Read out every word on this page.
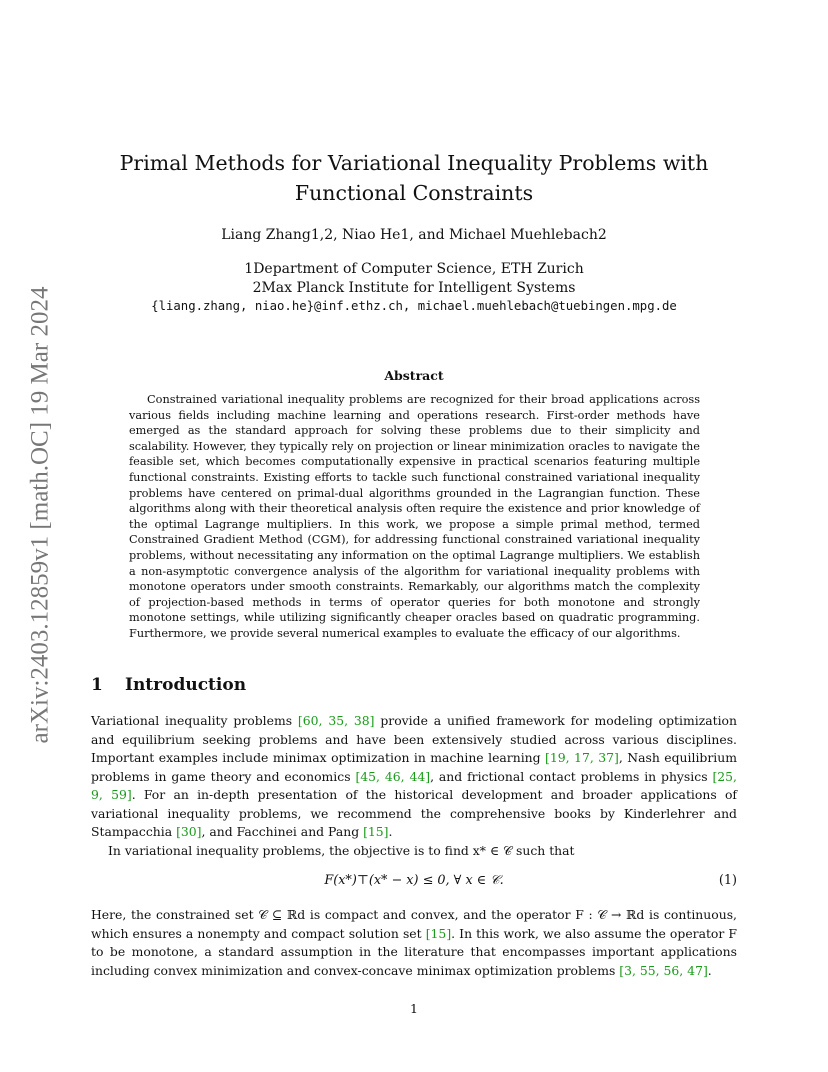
arXiv:2403.12859v1 [math.OC] 19 Mar 2024
Primal Methods for Variational Inequality Problems with Functional Constraints
Liang Zhang1,2, Niao He1, and Michael Muehlebach2
1Department of Computer Science, ETH Zurich
2Max Planck Institute for Intelligent Systems
{liang.zhang, niao.he}@inf.ethz.ch, michael.muehlebach@tuebingen.mpg.de
Abstract

Constrained variational inequality problems are recognized for their broad applications across various fields including machine learning and operations research. First-order methods have emerged as the standard approach for solving these problems due to their simplicity and scalability. However, they typically rely on projection or linear minimization oracles to navigate the feasible set, which becomes computationally expensive in practical scenarios featuring multiple functional constraints. Existing efforts to tackle such functional constrained variational inequality problems have centered on primal-dual algorithms grounded in the Lagrangian function. These algorithms along with their theoretical analysis often require the existence and prior knowledge of the optimal Lagrange multipliers. In this work, we propose a simple primal method, termed Constrained Gradient Method (CGM), for addressing functional constrained variational inequality problems, without necessitating any information on the optimal Lagrange multipliers. We establish a non-asymptotic convergence analysis of the algorithm for variational inequality problems with monotone operators under smooth constraints. Remarkably, our algorithms match the complexity of projection-based methods in terms of operator queries for both monotone and strongly monotone settings, while utilizing significantly cheaper oracles based on quadratic programming. Furthermore, we provide several numerical examples to evaluate the efficacy of our algorithms.

1 Introduction

Variational inequality problems [60, 35, 38] provide a unified framework for modeling optimization and equilibrium seeking problems and have been extensively studied across various disciplines. Important examples include minimax optimization in machine learning [19, 17, 37], Nash equilibrium problems in game theory and economics [45, 46, 44], and frictional contact problems in physics [25, 9, 59]. For an in-depth presentation of the historical development and broader applications of variational inequality problems, we recommend the comprehensive books by Kinderlehrer and Stampacchia [30], and Facchinei and Pang [15].

In variational inequality problems, the objective is to find x* ∈ 𝒞 such that

F(x*)⊤(x* − x) ≤ 0, ∀ x ∈ 𝒞.	(1)

Here, the constrained set 𝒞 ⊆ ℝd is compact and convex, and the operator F : 𝒞 → ℝd is continuous, which ensures a nonempty and compact solution set [15]. In this work, we also assume the operator F to be monotone, a standard assumption in the literature that encompasses important applications including convex minimization and convex-concave minimax optimization problems [3, 55, 56, 47].

1
